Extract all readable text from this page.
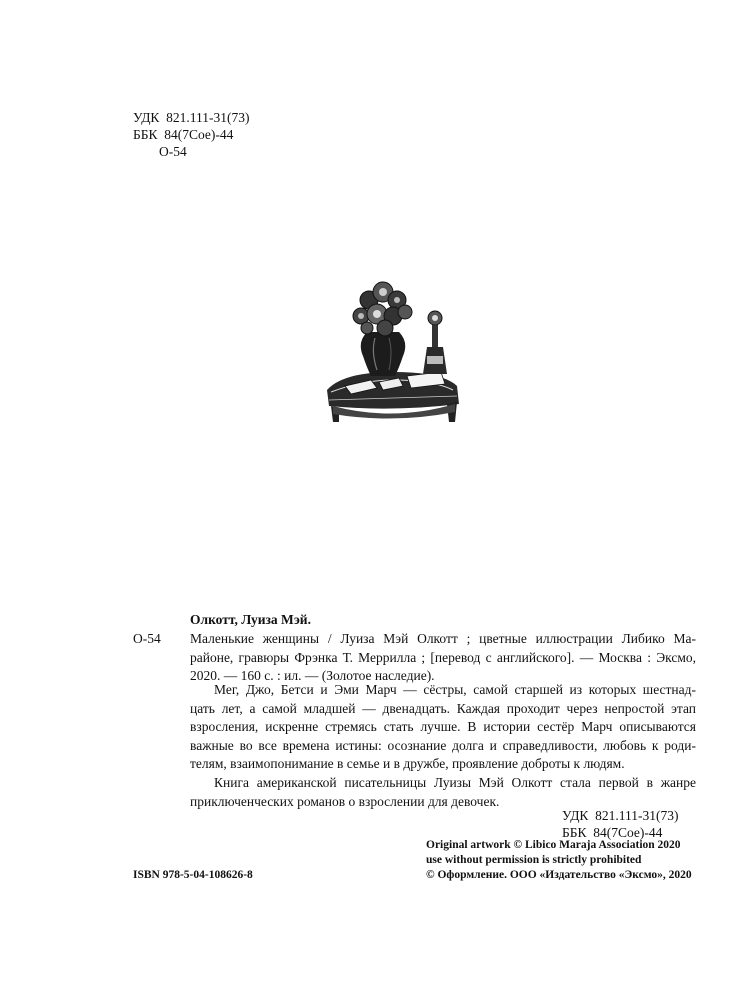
УДК  821.111-31(73)
ББК  84(7Сое)-44
О-54
Олкотт, Луиза Мэй.
О-54 Маленькие женщины / Луиза Мэй Олкотт ; цветные иллюстрации Либико Ма-
районе, гравюры Фрэнка Т. Меррилла ; [перевод с английского]. — Москва : Эксмо,
2020. — 160 с. : ил. — (Золотое наследие).
Мег, Джо, Бетси и Эми Марч — сёстры, самой старшей из которых шестнад-
цать лет, а самой младшей — двенадцать. Каждая проходит через непростой этап
взросления, искренне стремясь стать лучше. В истории сестёр Марч описываются
важные во все времена истины: осознание долга и справедливости, любовь к роди-
телям, взаимопонимание в семье и в дружбе, проявление доброты к людям.
Книга американской писательницы Луизы Мэй Олкотт стала первой в жанре
приключенческих романов о взрослении для девочек.
УДК  821.111-31(73)
ББК  84(7Сое)-44
ISBN 978-5-04-108626-8
Original artwork © Libico Maraja Association 2020
use without permission is strictly prohibited
© Оформление. ООО «Издательство «Эксмо», 2020
